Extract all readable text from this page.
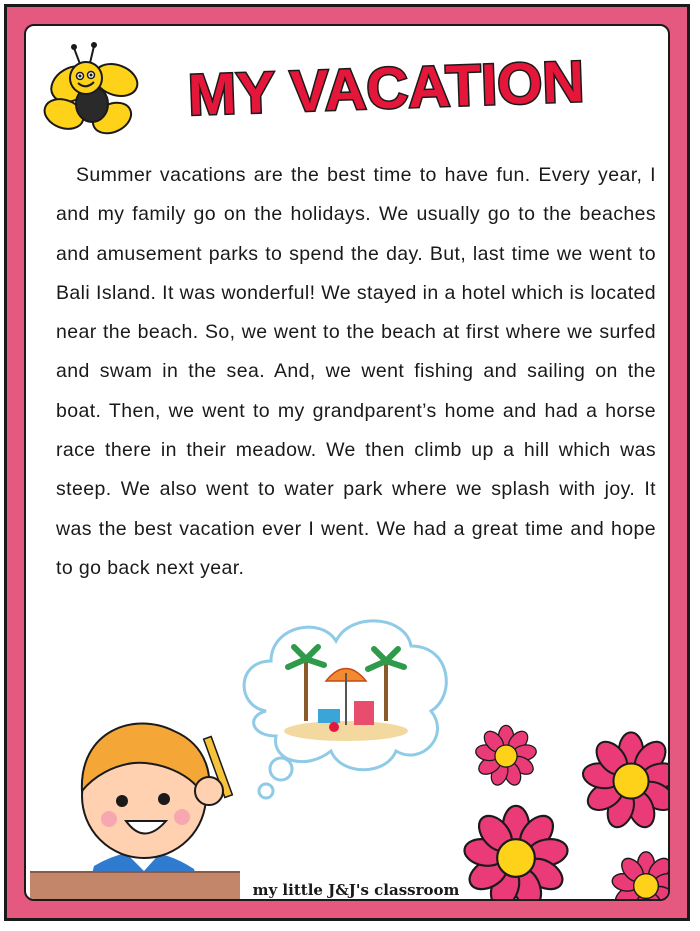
MY VACATION

Summer vacations are the best time to have fun. Every year, I and my family go on the holidays. We usually go to the beaches and amusement parks to spend the day. But, last time we went to Bali Island. It was wonderful! We stayed in a hotel which is located near the beach. So, we went to the beach at first where we surfed and swam in the sea. And, we went fishing and sailing on the boat. Then, we went to my grandparent’s home and had a horse race there in their meadow. We then climb up a hill which was steep. We also went to water park where we splash with joy. It was the best vacation ever I went. We had a great time and hope to go back next year.

my little J&J's classroom
